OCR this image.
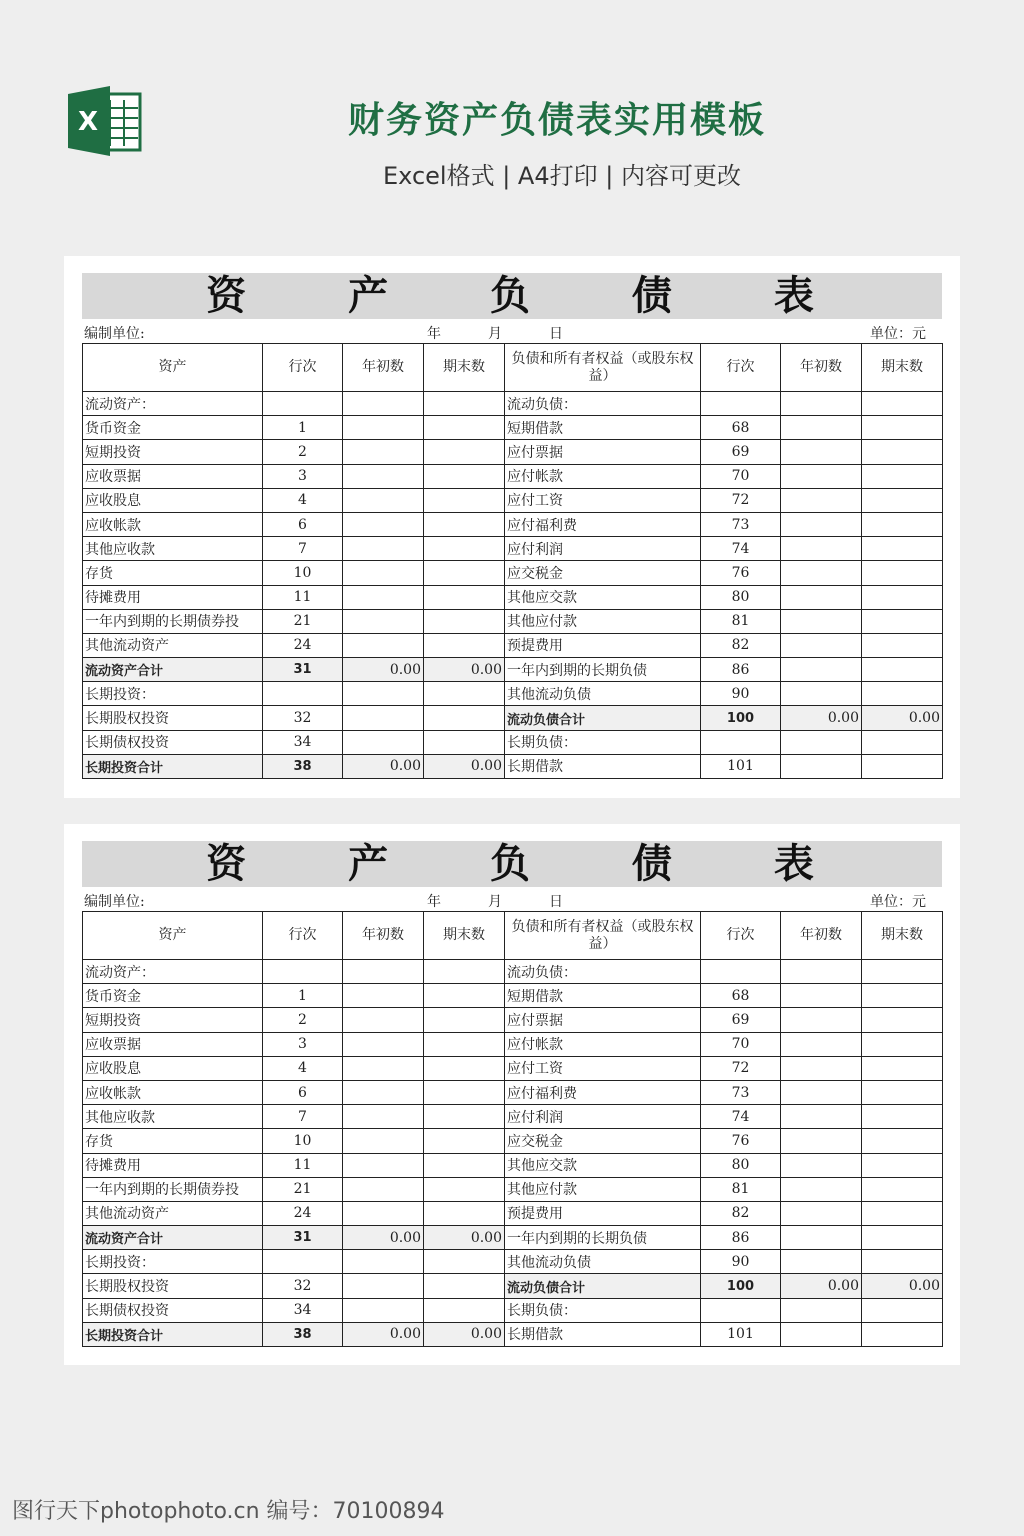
X	财务资产负债表实用模板
Excel格式 | A4打印 | 内容可更改
资 产 负 债 表
编制单位:	年	月	日	单位：元
资产	行次	年初数	期末数	负债和所有者权益（或股东权益）	行次	年初数	期末数
流动资产：				流动负债：			
货币资金	1			短期借款	68		
短期投资	2			应付票据	69		
应收票据	3			应付帐款	70		
应收股息	4			应付工资	72		
应收帐款	6			应付福利费	73		
其他应收款	7			应付利润	74		
存货	10			应交税金	76		
待摊费用	11			其他应交款	80		
一年内到期的长期债券投	21			其他应付款	81		
其他流动资产	24			预提费用	82		
流动资产合计	31	0.00	0.00	一年内到期的长期负债	86		
长期投资：				其他流动负债	90		
长期股权投资	32			流动负债合计	100	0.00	0.00
长期债权投资	34			长期负债：			
长期投资合计	38	0.00	0.00	长期借款	101		
资 产 负 债 表
编制单位:	年	月	日	单位：元
资产	行次	年初数	期末数	负债和所有者权益（或股东权益）	行次	年初数	期末数
流动资产：				流动负债：			
货币资金	1			短期借款	68		
短期投资	2			应付票据	69		
应收票据	3			应付帐款	70		
应收股息	4			应付工资	72		
应收帐款	6			应付福利费	73		
其他应收款	7			应付利润	74		
存货	10			应交税金	76		
待摊费用	11			其他应交款	80		
一年内到期的长期债券投	21			其他应付款	81		
其他流动资产	24			预提费用	82		
流动资产合计	31	0.00	0.00	一年内到期的长期负债	86		
长期投资：				其他流动负债	90		
长期股权投资	32			流动负债合计	100	0.00	0.00
长期债权投资	34			长期负债：			
长期投资合计	38	0.00	0.00	长期借款	101		
图行天下photophoto.cn 编号：70100894
